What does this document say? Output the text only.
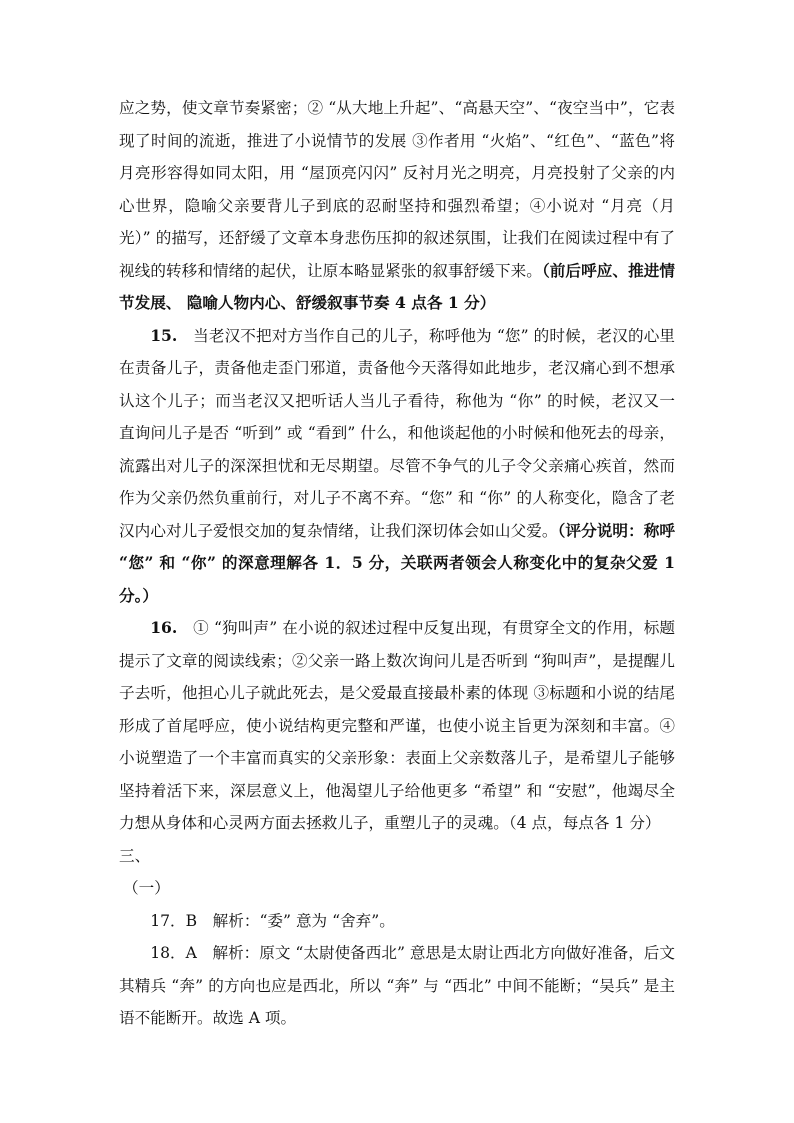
应之势，使文章节奏紧密；② “从大地上升起”、“高悬天空”、“夜空当中”，它表现了时间的流逝，推进了小说情节的发展 ③作者用 “火焰”、“红色”、“蓝色”将月亮形容得如同太阳，用 “屋顶亮闪闪” 反衬月光之明亮，月亮投射了父亲的内心世界，隐喻父亲要背儿子到底的忍耐坚持和强烈希望；④小说对 “月亮（月光）” 的描写，还舒缓了文章本身悲伤压抑的叙述氛围，让我们在阅读过程中有了视线的转移和情绪的起伏，让原本略显紧张的叙事舒缓下来。（前后呼应、推进情节发展、 隐喻人物内心、舒缓叙事节奏 4 点各 1 分）

15.　当老汉不把对方当作自己的儿子，称呼他为 “您” 的时候，老汉的心里在责备儿子，责备他走歪门邪道，责备他今天落得如此地步，老汉痛心到不想承认这个儿子；而当老汉又把听话人当儿子看待，称他为 “你” 的时候，老汉又一直询问儿子是否 “听到” 或 “看到” 什么，和他谈起他的小时候和他死去的母亲，流露出对儿子的深深担忧和无尽期望。尽管不争气的儿子令父亲痛心疾首，然而作为父亲仍然负重前行，对儿子不离不弃。“您” 和 “你” 的人称变化，隐含了老汉内心对儿子爱恨交加的复杂情绪，让我们深切体会如山父爱。（评分说明：称呼 “您” 和 “你” 的深意理解各 1．5 分，关联两者领会人称变化中的复杂父爱 1 分。）

16.　① “狗叫声” 在小说的叙述过程中反复出现，有贯穿全文的作用，标题提示了文章的阅读线索；②父亲一路上数次询问儿是否听到 “狗叫声”，是提醒儿子去听，他担心儿子就此死去，是父爱最直接最朴素的体现 ③标题和小说的结尾形成了首尾呼应，使小说结构更完整和严谨，也使小说主旨更为深刻和丰富。④小说塑造了一个丰富而真实的父亲形象：表面上父亲数落儿子，是希望儿子能够坚持着活下来，深层意义上，他渴望儿子给他更多 “希望” 和 “安慰”，他竭尽全力想从身体和心灵两方面去拯救儿子，重塑儿子的灵魂。（4 点，每点各 1 分）

三、

（一）

17．B　解析：“委” 意为 “舍弃”。

18．A　解析：原文 “太尉使备西北” 意思是太尉让西北方向做好准备，后文其精兵 “奔” 的方向也应是西北，所以 “奔” 与 “西北” 中间不能断；“吴兵” 是主语不能断开。故选 A 项。
